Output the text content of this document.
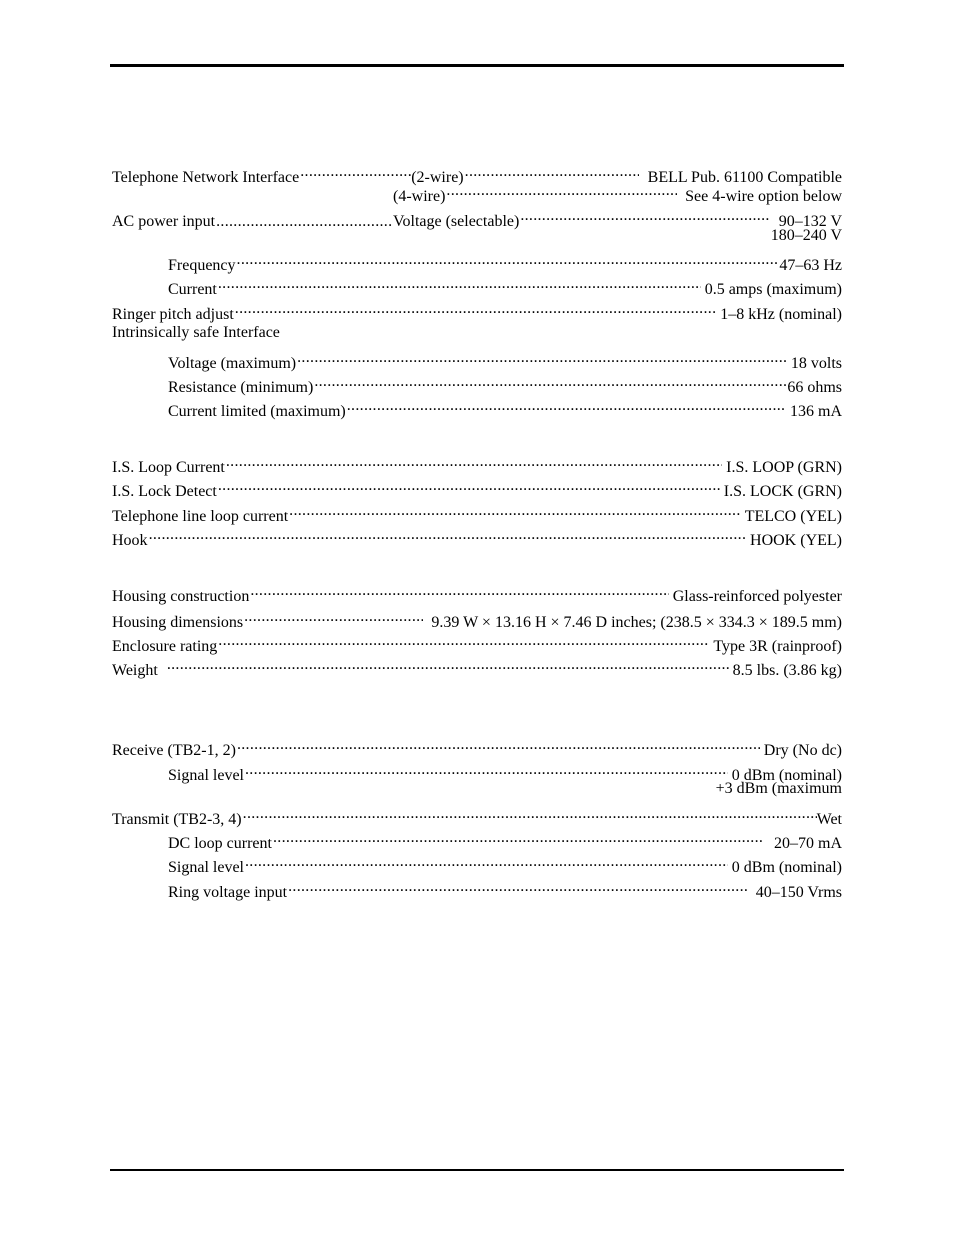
Telephone Network Interface .....	(2-wire) .....	BELL Pub. 61100 Compatible
(4-wire) .....	See 4-wire option below
AC power input .....	Voltage (selectable) .....	90–132 V
180–240 V
Frequency .....	47–63 Hz
Current .....	0.5 amps (maximum)
Ringer pitch adjust .....	1–8 kHz (nominal)
Intrinsically safe Interface
Voltage (maximum) .....	18 volts
Resistance (minimum) .....	66 ohms
Current limited (maximum) .....	136 mA
I.S. Loop Current .....	I.S. LOOP (GRN)
I.S. Lock Detect .....	I.S. LOCK (GRN)
Telephone line loop current .....	TELCO (YEL)
Hook .....	HOOK (YEL)
Housing construction .....	Glass-reinforced polyester
Housing dimensions .....	9.39 W × 13.16 H × 7.46 D inches; (238.5 × 334.3 × 189.5 mm)
Enclosure rating .....	Type 3R (rainproof)
Weight .....	8.5 lbs. (3.86 kg)
Receive (TB2-1, 2) .....	Dry (No dc)
Signal level .....	0 dBm (nominal)
+3 dBm (maximum
Transmit (TB2-3, 4) .....	Wet
DC loop current .....	20–70 mA
Signal level .....	0 dBm (nominal)
Ring voltage input .....	40–150 Vrms
